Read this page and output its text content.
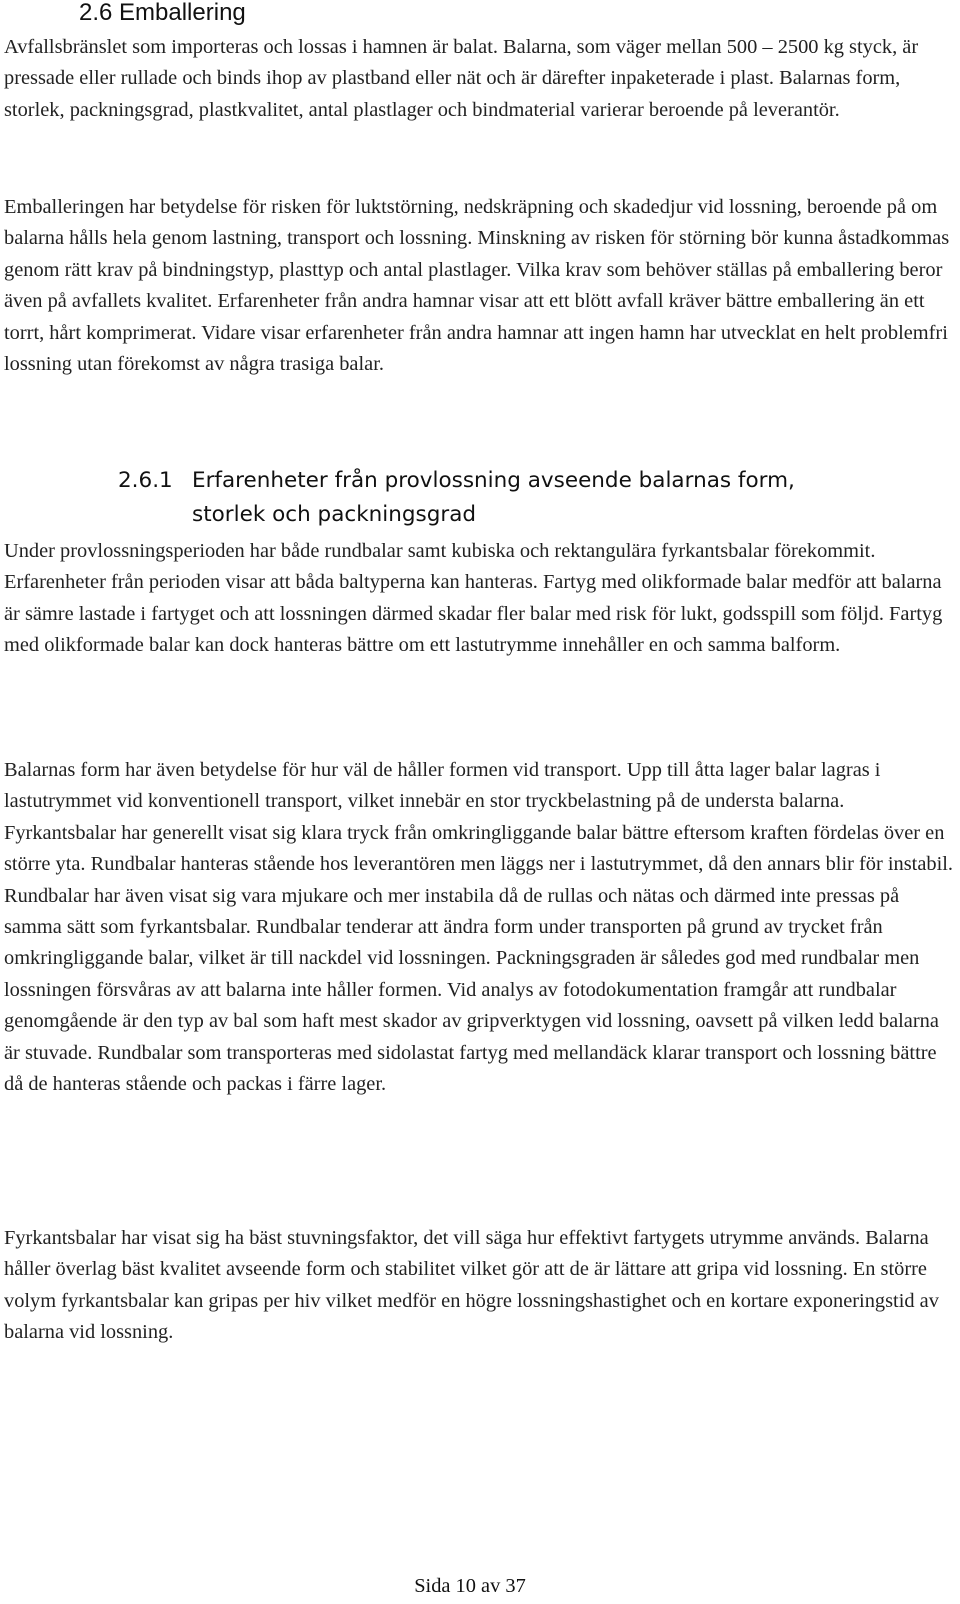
2.6 Emballering

Avfallsbränslet som importeras och lossas i hamnen är balat. Balarna, som väger mellan 500 – 2500 kg styck, är pressade eller rullade och binds ihop av plastband eller nät och är därefter inpaketerade i plast. Balarnas form, storlek, packningsgrad, plastkvalitet, antal plastlager och bindmaterial varierar beroende på leverantör.

Emballeringen har betydelse för risken för luktstörning, nedskräpning och skadedjur vid lossning, beroende på om balarna hålls hela genom lastning, transport och lossning. Minskning av risken för störning bör kunna åstadkommas genom rätt krav på bindningstyp, plasttyp och antal plastlager. Vilka krav som behöver ställas på emballering beror även på avfallets kvalitet. Erfarenheter från andra hamnar visar att ett blött avfall kräver bättre emballering än ett torrt, hårt komprimerat. Vidare visar erfarenheter från andra hamnar att ingen hamn har utvecklat en helt problemfri lossning utan förekomst av några trasiga balar.

2.6.1 Erfarenheter från provlossning avseende balarnas form, storlek och packningsgrad

Under provlossningsperioden har både rundbalar samt kubiska och rektangulära fyrkantsbalar förekommit. Erfarenheter från perioden visar att båda baltyperna kan hanteras. Fartyg med olikformade balar medför att balarna är sämre lastade i fartyget och att lossningen därmed skadar fler balar med risk för lukt, godsspill som följd. Fartyg med olikformade balar kan dock hanteras bättre om ett lastutrymme innehåller en och samma balform.

Balarnas form har även betydelse för hur väl de håller formen vid transport. Upp till åtta lager balar lagras i lastutrymmet vid konventionell transport, vilket innebär en stor tryckbelastning på de understa balarna. Fyrkantsbalar har generellt visat sig klara tryck från omkringliggande balar bättre eftersom kraften fördelas över en större yta. Rundbalar hanteras stående hos leverantören men läggs ner i lastutrymmet, då den annars blir för instabil. Rundbalar har även visat sig vara mjukare och mer instabila då de rullas och nätas och därmed inte pressas på samma sätt som fyrkantsbalar. Rundbalar tenderar att ändra form under transporten på grund av trycket från omkringliggande balar, vilket är till nackdel vid lossningen. Packningsgraden är således god med rundbalar men lossningen försvåras av att balarna inte håller formen. Vid analys av fotodokumentation framgår att rundbalar genomgående är den typ av bal som haft mest skador av gripverktygen vid lossning, oavsett på vilken ledd balarna är stuvade. Rundbalar som transporteras med sidolastat fartyg med mellandäck klarar transport och lossning bättre då de hanteras stående och packas i färre lager.

Fyrkantsbalar har visat sig ha bäst stuvningsfaktor, det vill säga hur effektivt fartygets utrymme används. Balarna håller överlag bäst kvalitet avseende form och stabilitet vilket gör att de är lättare att gripa vid lossning. En större volym fyrkantsbalar kan gripas per hiv vilket medför en högre lossningshastighet och en kortare exponeringstid av balarna vid lossning.

Sida 10 av 37
